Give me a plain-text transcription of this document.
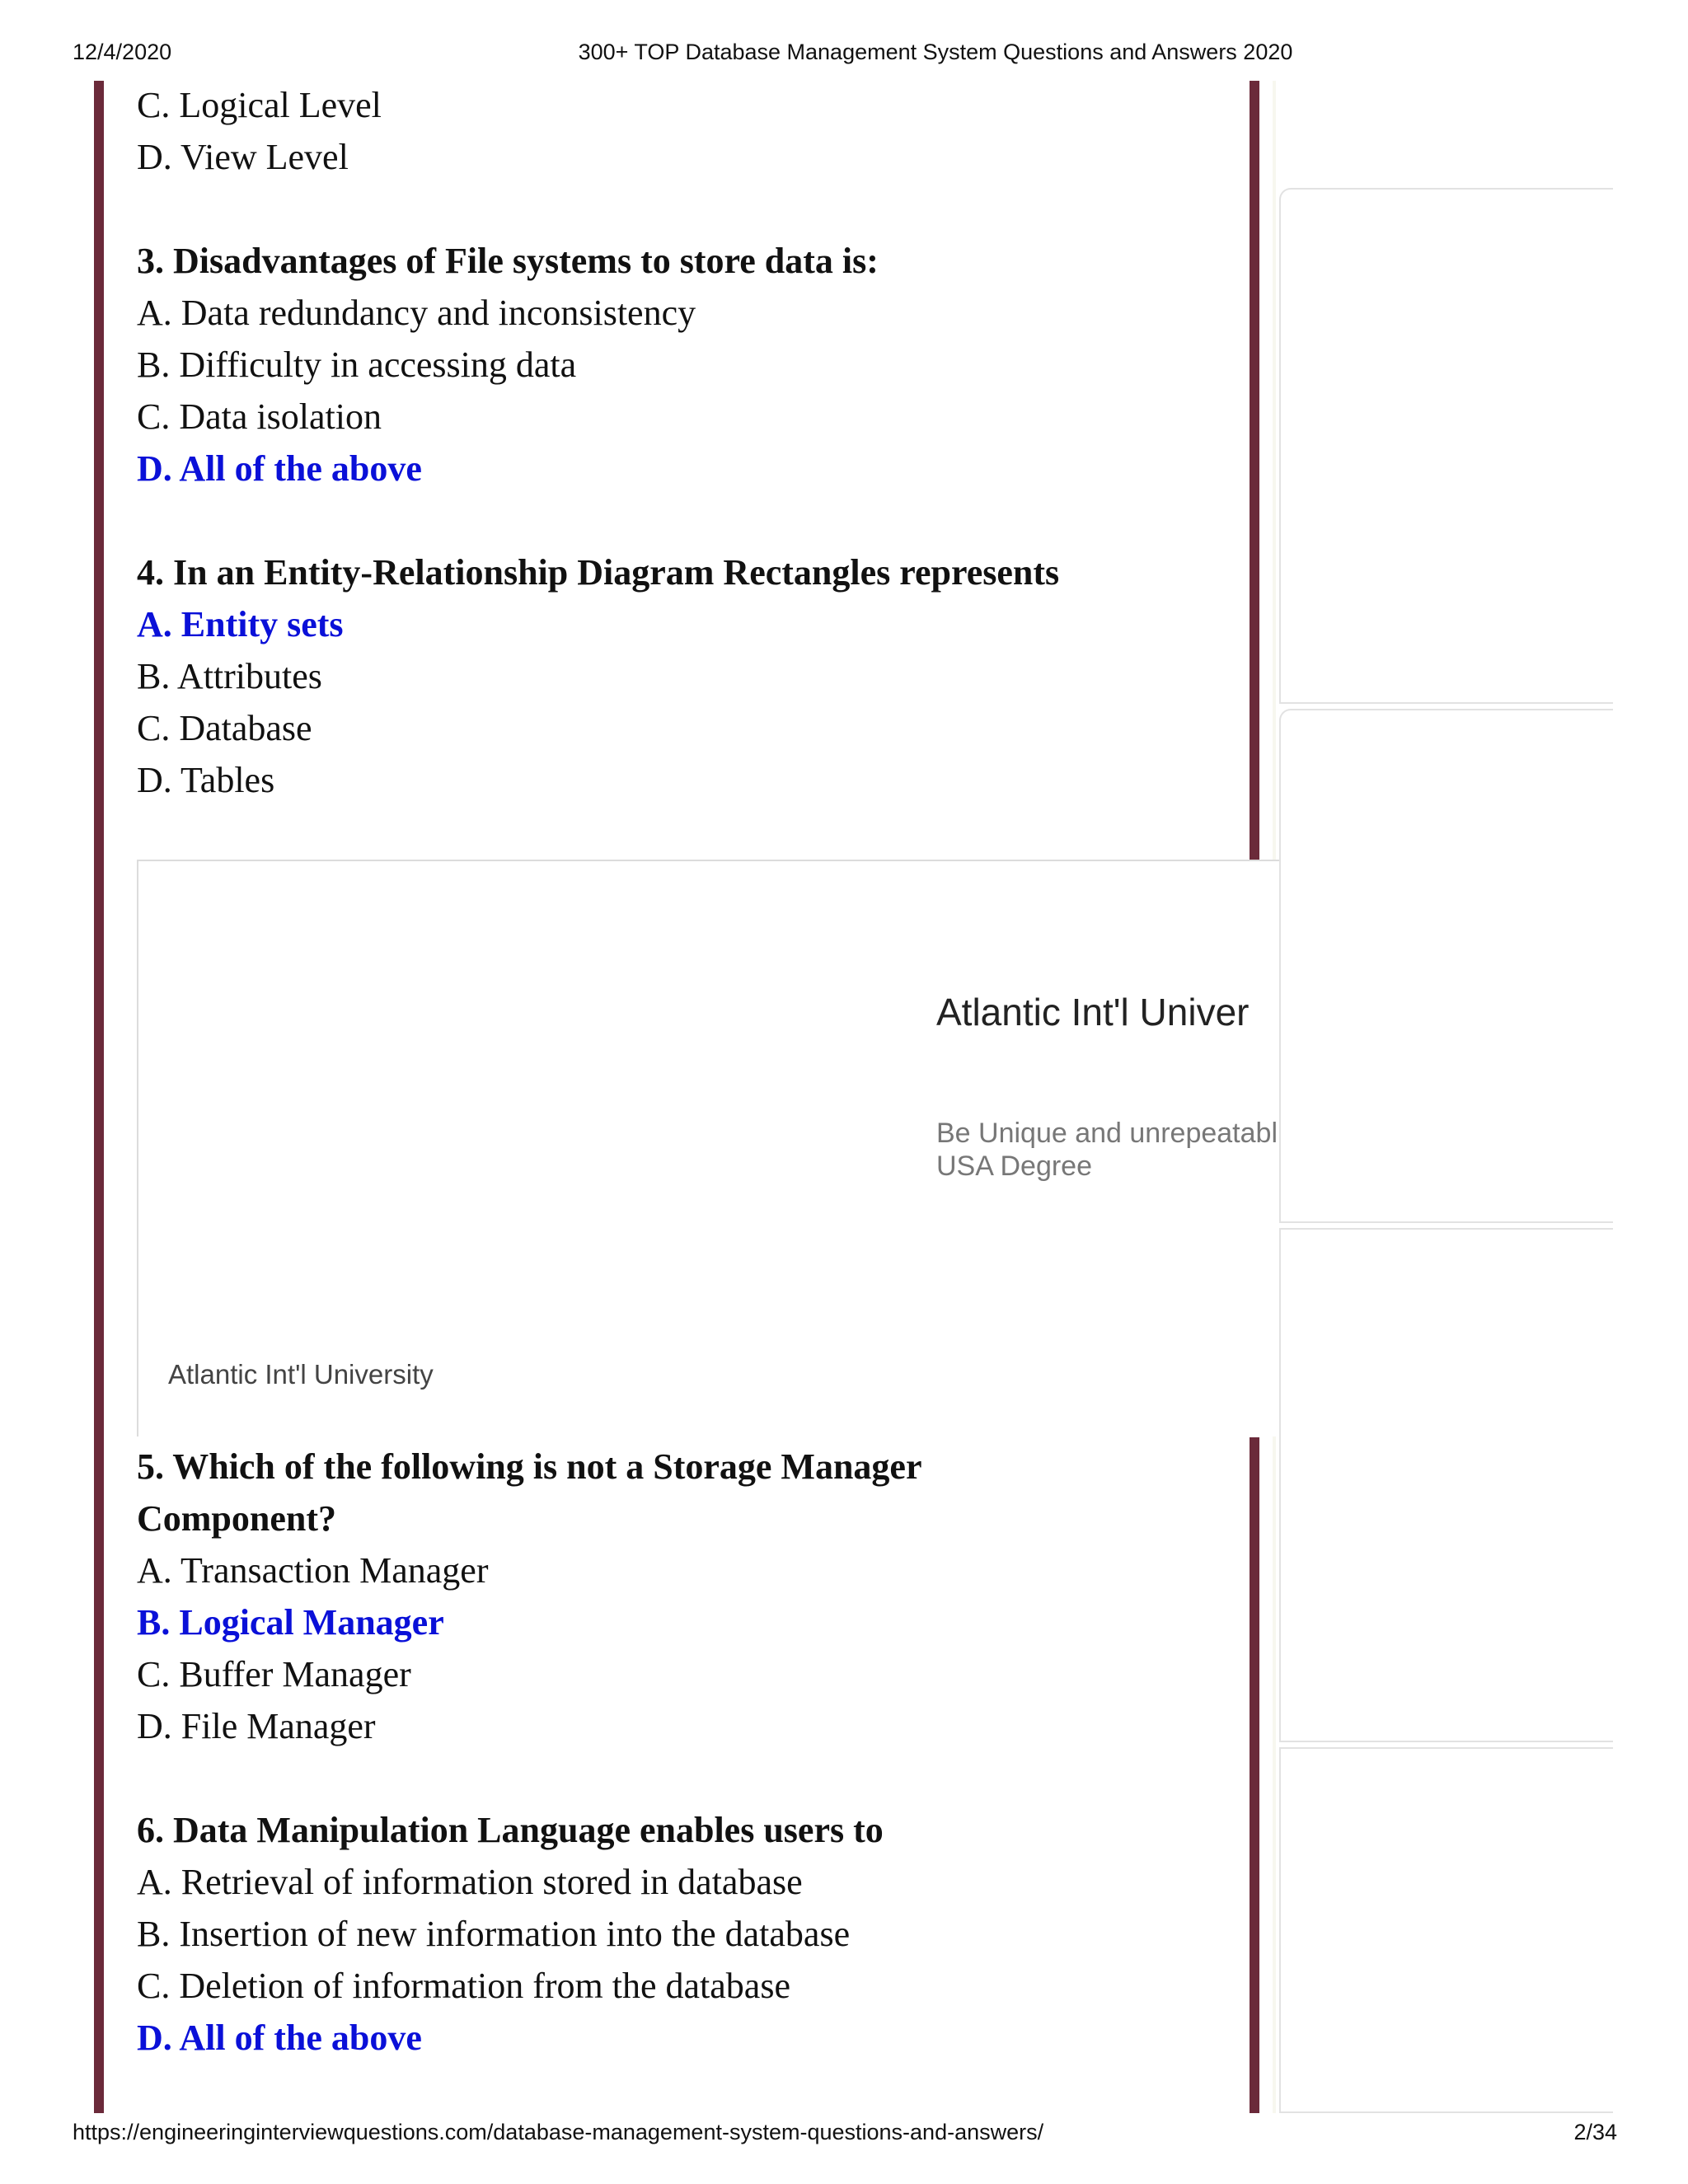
12/4/2020	300+ TOP Database Management System Questions and Answers 2020
C. Logical Level
D. View Level
3. Disadvantages of File systems to store data is:
A. Data redundancy and inconsistency
B. Difficulty in accessing data
C. Data isolation
D. All of the above
4. In an Entity-Relationship Diagram Rectangles represents
A. Entity sets
B. Attributes
C. Database
D. Tables
Atlantic Int'l Univer
Be Unique and unrepeatabl
USA Degree
Atlantic Int'l University
5. Which of the following is not a Storage Manager
Component?
A. Transaction Manager
B. Logical Manager
C. Buffer Manager
D. File Manager
6. Data Manipulation Language enables users to
A. Retrieval of information stored in database
B. Insertion of new information into the database
C. Deletion of information from the database
D. All of the above
https://engineeringinterviewquestions.com/database-management-system-questions-and-answers/	2/34
